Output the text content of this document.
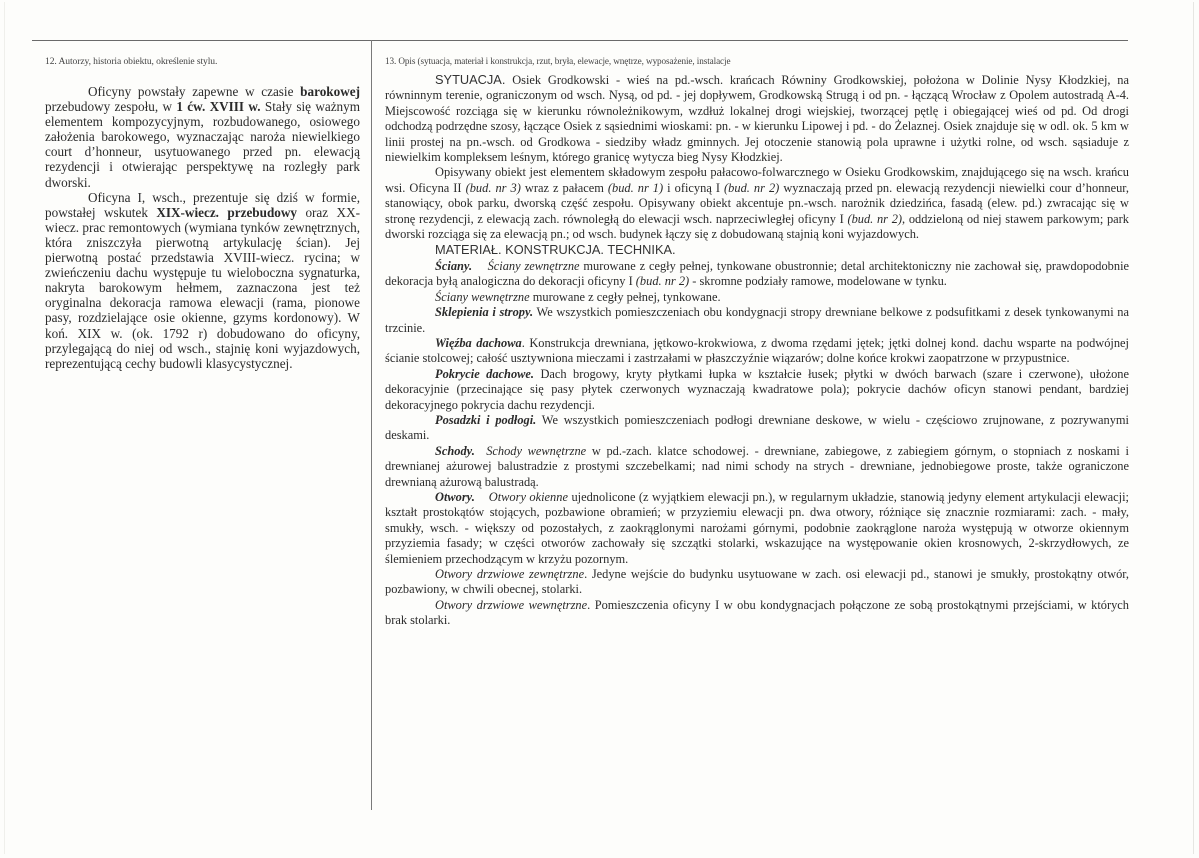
12. Autorzy, historia obiektu, określenie stylu.

Oficyny powstały zapewne w czasie barokowej przebudowy zespołu, w 1 ćw. XVIII w. Stały się ważnym elementem kompozycyjnym, rozbudowanego, osiowego założenia barokowego, wyznaczając naroża niewielkiego court d’honneur, usytuowanego przed pn. elewacją rezydencji i otwierając perspektywę na rozległy park dworski.

Oficyna I, wsch., prezentuje się dziś w formie, powstałej wskutek XIX-wiecz. przebudowy oraz XX-wiecz. prac remontowych (wymiana tynków zewnętrznych, która zniszczyła pierwotną artykulację ścian). Jej pierwotną postać przedstawia XVIII-wiecz. rycina; w zwieńczeniu dachu występuje tu wieloboczna sygnaturka, nakryta barokowym hełmem, zaznaczona jest też oryginalna dekoracja ramowa elewacji (rama, pionowe pasy, rozdzielające osie okienne, gzyms kordonowy). W koń. XIX w. (ok. 1792 r) dobudowano do oficyny, przylegającą do niej od wsch., stajnię koni wyjazdowych, reprezentującą cechy budowli klasycystycznej.

13. Opis (sytuacja, materiał i konstrukcja, rzut, bryła, elewacje, wnętrze, wyposażenie, instalacje

SYTUACJA. Osiek Grodkowski - wieś na pd.-wsch. krańcach Równiny Grodkowskiej, położona w Dolinie Nysy Kłodzkiej, na równinnym terenie, ograniczonym od wsch. Nysą, od pd. - jej dopływem, Grodkowską Strugą i od pn. - łączącą Wrocław z Opolem autostradą A-4. Miejscowość rozciąga się w kierunku równoleżnikowym, wzdłuż lokalnej drogi wiejskiej, tworzącej pętlę i obiegającej wieś od pd. Od drogi odchodzą podrzędne szosy, łączące Osiek z sąsiednimi wioskami: pn. - w kierunku Lipowej i pd. - do Żelaznej. Osiek znajduje się w odl. ok. 5 km w linii prostej na pn.-wsch. od Grodkowa - siedziby władz gminnych. Jej otoczenie stanowią pola uprawne i użytki rolne, od wsch. sąsiaduje z niewielkim kompleksem leśnym, którego granicę wytycza bieg Nysy Kłodzkiej.

Opisywany obiekt jest elementem składowym zespołu pałacowo-folwarcznego w Osieku Grodkowskim, znajdującego się na wsch. krańcu wsi. Oficyna II (bud. nr 3) wraz z pałacem (bud. nr 1) i oficyną I (bud. nr 2) wyznaczają przed pn. elewacją rezydencji niewielki cour d’honneur, stanowiący, obok parku, dworską część zespołu. Opisywany obiekt akcentuje pn.-wsch. narożnik dziedzińca, fasadą (elew. pd.) zwracając się w stronę rezydencji, z elewacją zach. równoległą do elewacji wsch. naprzeciwległej oficyny I (bud. nr 2), oddzieloną od niej stawem parkowym; park dworski rozciąga się za elewacją pn.; od wsch. budynek łączy się z dobudowaną stajnią koni wyjazdowych.

MATERIAŁ. KONSTRUKCJA. TECHNIKA.

Ściany. Ściany zewnętrzne murowane z cegły pełnej, tynkowane obustronnie; detal architektoniczny nie zachował się, prawdopodobnie dekoracja byłą analogiczna do dekoracji oficyny I (bud. nr 2) - skromne podziały ramowe, modelowane w tynku.

Ściany wewnętrzne murowane z cegły pełnej, tynkowane.

Sklepienia i stropy. We wszystkich pomieszczeniach obu kondygnacji stropy drewniane belkowe z podsufitkami z desek tynkowanymi na trzcinie.

Więźba dachowa. Konstrukcja drewniana, jętkowo-krokwiowa, z dwoma rzędami jętek; jętki dolnej kond. dachu wsparte na podwójnej ścianie stolcowej; całość usztywniona mieczami i zastrzałami w płaszczyźnie wiązarów; dolne końce krokwi zaopatrzone w przypustnice.

Pokrycie dachowe. Dach brogowy, kryty płytkami łupka w kształcie łusek; płytki w dwóch barwach (szare i czerwone), ułożone dekoracyjnie (przecinające się pasy płytek czerwonych wyznaczają kwadratowe pola); pokrycie dachów oficyn stanowi pendant, bardziej dekoracyjnego pokrycia dachu rezydencji.

Posadzki i podłogi. We wszystkich pomieszczeniach podłogi drewniane deskowe, w wielu - częściowo zrujnowane, z pozrywanymi deskami.

Schody. Schody wewnętrzne w pd.-zach. klatce schodowej. - drewniane, zabiegowe, z zabiegiem górnym, o stopniach z noskami i drewnianej ażurowej balustradzie z prostymi szczebelkami; nad nimi schody na strych - drewniane, jednobiegowe proste, także ograniczone drewnianą ażurową balustradą.

Otwory. Otwory okienne ujednolicone (z wyjątkiem elewacji pn.), w regularnym układzie, stanowią jedyny element artykulacji elewacji; kształt prostokątów stojących, pozbawione obramień; w przyziemiu elewacji pn. dwa otwory, różniące się znacznie rozmiarami: zach. - mały, smukły, wsch. - większy od pozostałych, z zaokrąglonymi narożami górnymi, podobnie zaokrąglone naroża występują w otworze okiennym przyziemia fasady; w części otworów zachowały się szczątki stolarki, wskazujące na występowanie okien krosnowych, 2-skrzydłowych, ze ślemieniem przechodzącym w krzyżu pozornym.

Otwory drzwiowe zewnętrzne. Jedyne wejście do budynku usytuowane w zach. osi elewacji pd., stanowi je smukły, prostokątny otwór, pozbawiony, w chwili obecnej, stolarki.

Otwory drzwiowe wewnętrzne. Pomieszczenia oficyny I w obu kondygnacjach połączone ze sobą prostokątnymi przejściami, w których brak stolarki.
